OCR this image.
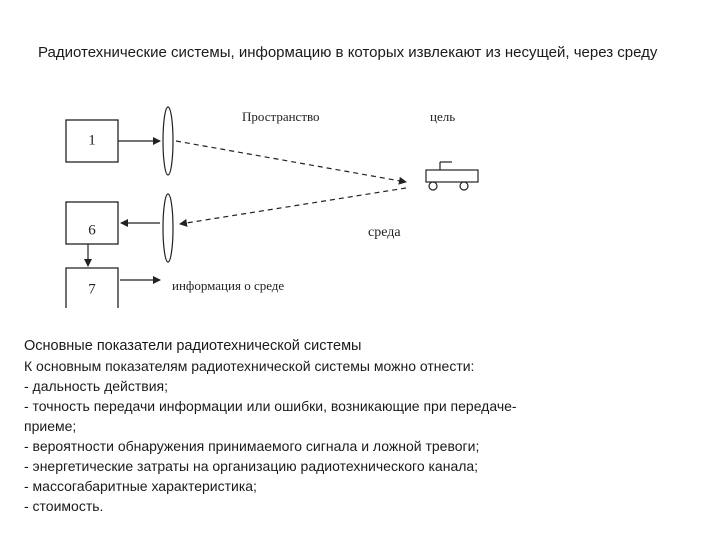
Радиотехнические системы, информацию в которых извлекают из несущей, через среду
1
Пространство	цель
6	среда
7	информация о среде
Основные показатели радиотехнической системы
К основным показателям радиотехнической системы можно отнести:
- дальность действия;
- точность передачи информации или ошибки, возникающие при передаче-
приеме;
- вероятности обнаружения принимаемого сигнала и ложной тревоги;
- энергетические затраты на организацию радиотехнического канала;
- массогабаритные характеристика;
- стоимость.
